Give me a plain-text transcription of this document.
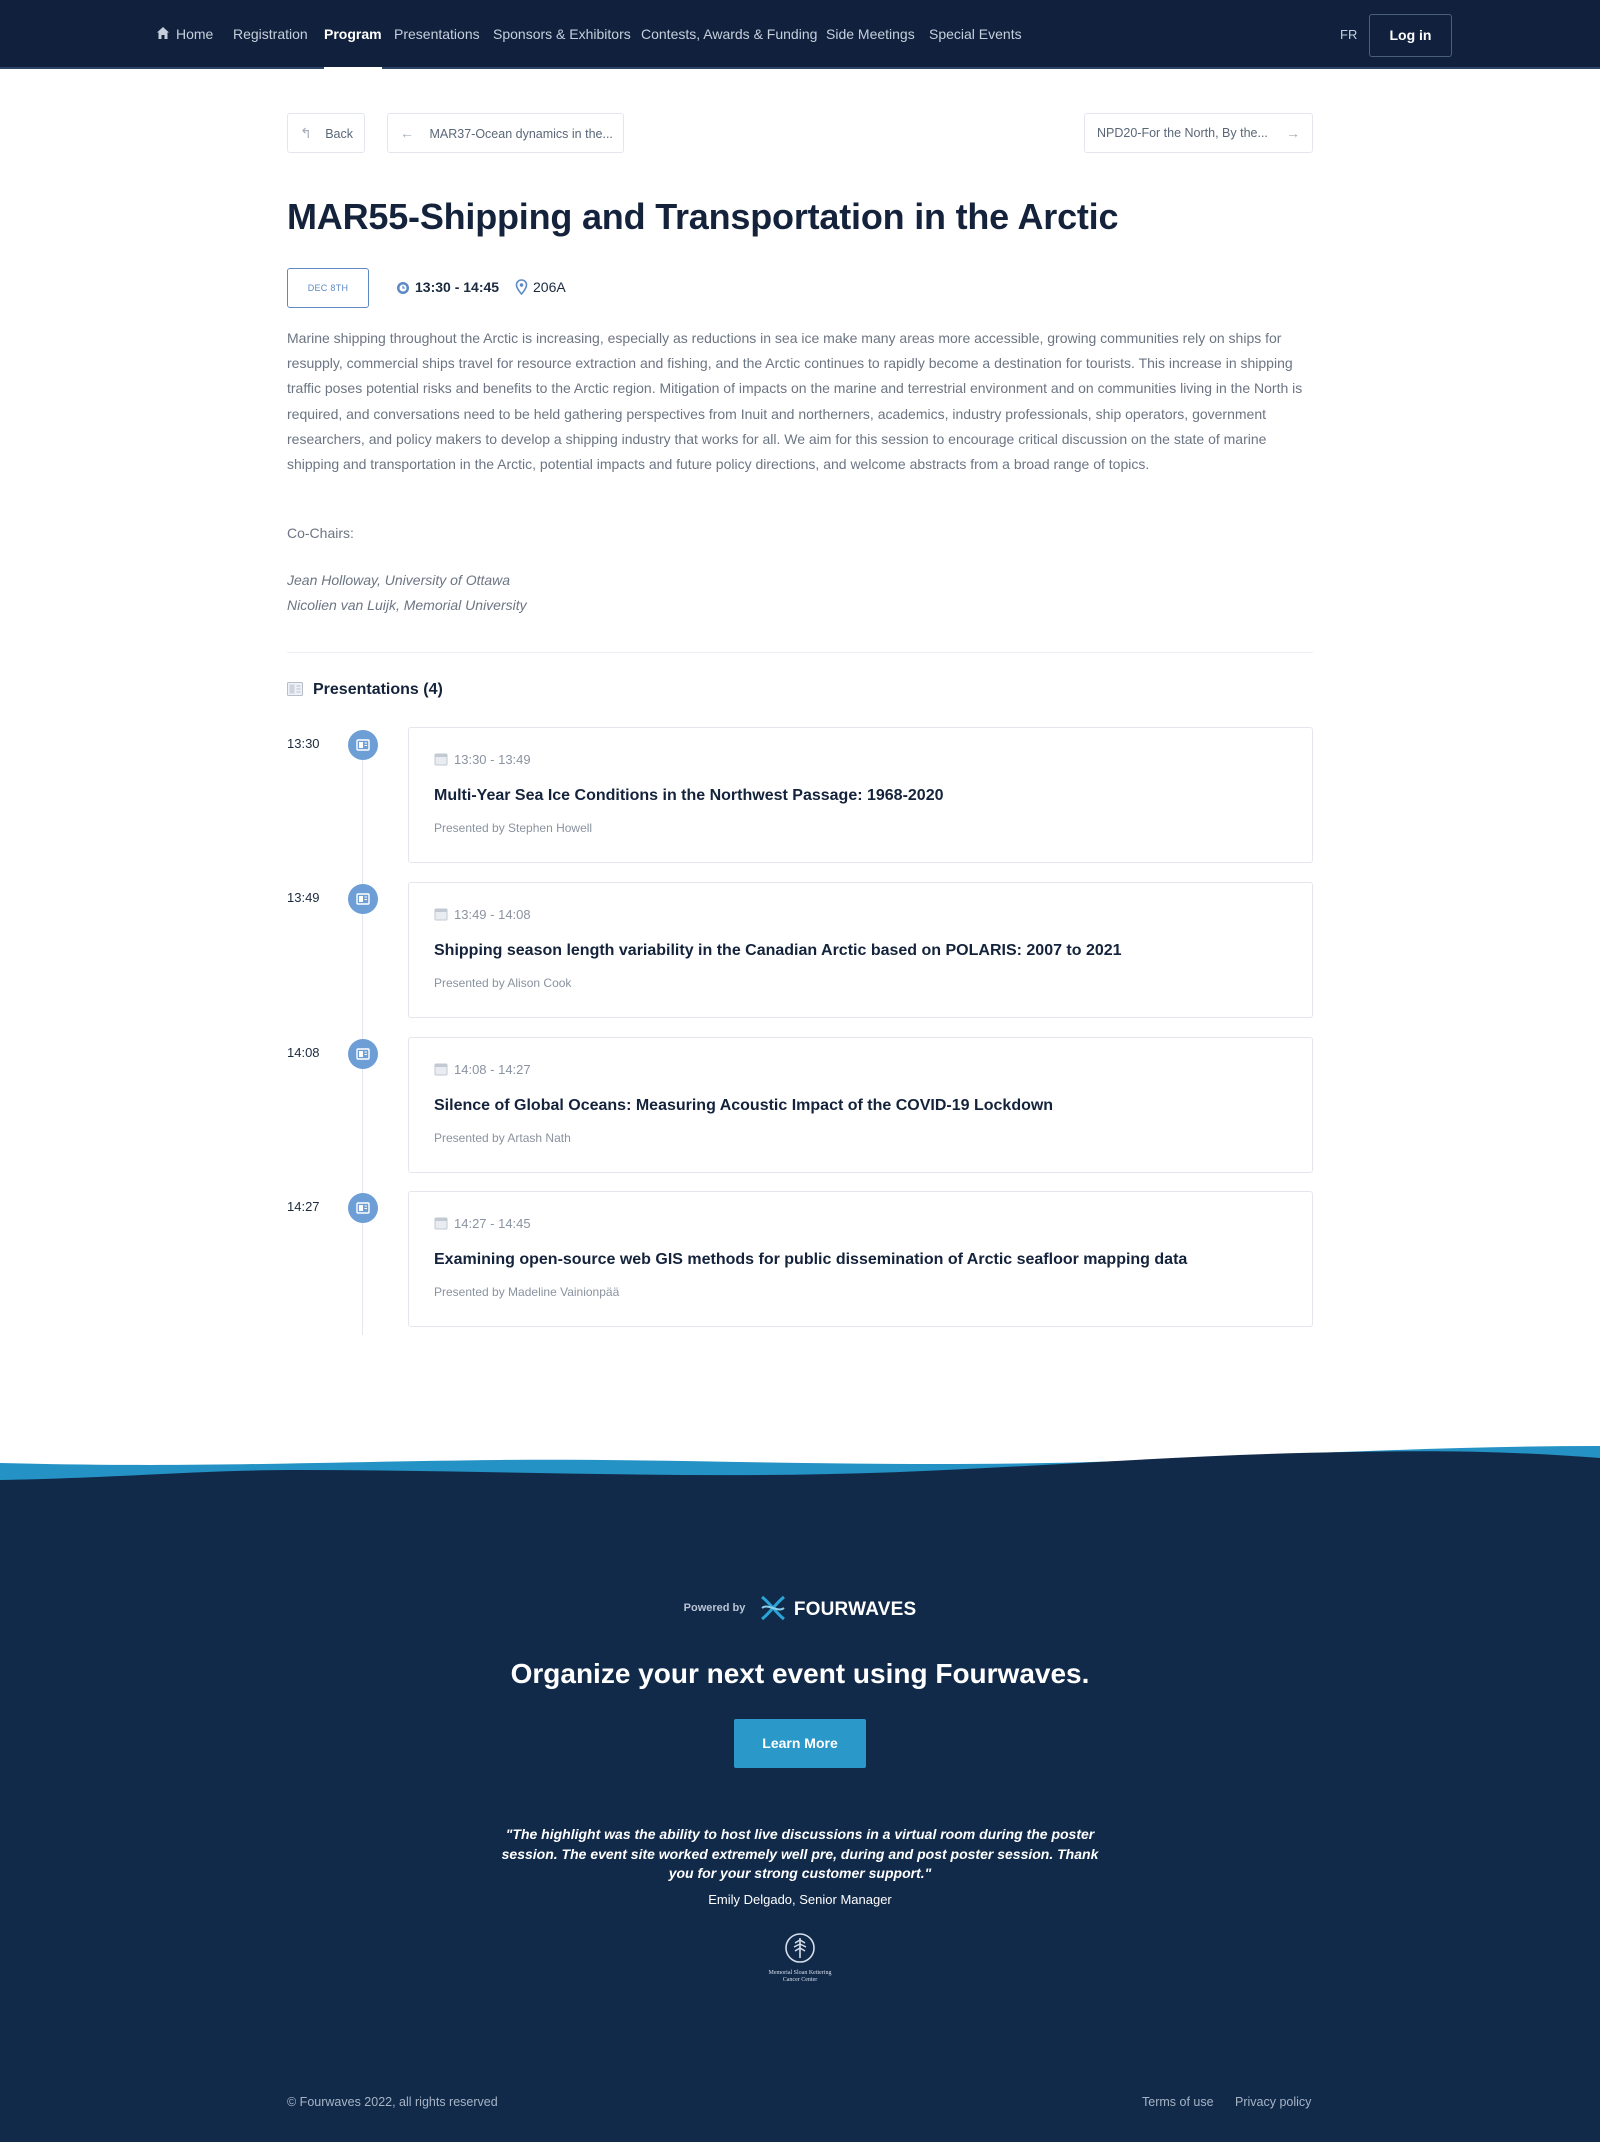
Home Registration Program Presentations Sponsors & Exhibitors Contests, Awards & Funding Side Meetings Special Events	FR	Log in
↰ Back	← MAR37-Ocean dynamics in the...	NPD20-For the North, By the... →
MAR55-Shipping and Transportation in the Arctic
DEC 8TH	13:30 - 14:45	206A

Marine shipping throughout the Arctic is increasing, especially as reductions in sea ice make many areas more accessible, growing communities rely on ships for resupply, commercial ships travel for resource extraction and fishing, and the Arctic continues to rapidly become a destination for tourists. This increase in shipping traffic poses potential risks and benefits to the Arctic region. Mitigation of impacts on the marine and terrestrial environment and on communities living in the North is required, and conversations need to be held gathering perspectives from Inuit and northerners, academics, industry professionals, ship operators, government researchers, and policy makers to develop a shipping industry that works for all. We aim for this session to encourage critical discussion on the state of marine shipping and transportation in the Arctic, potential impacts and future policy directions, and welcome abstracts from a broad range of topics.

Co-Chairs:
Jean Holloway, University of Ottawa
Nicolien van Luijk, Memorial University
Presentations (4)
13:30
13:30 - 13:49
Multi-Year Sea Ice Conditions in the Northwest Passage: 1968-2020
Presented by Stephen Howell
13:49
13:49 - 14:08
Shipping season length variability in the Canadian Arctic based on POLARIS: 2007 to 2021
Presented by Alison Cook
14:08
14:08 - 14:27
Silence of Global Oceans: Measuring Acoustic Impact of the COVID-19 Lockdown
Presented by Artash Nath
14:27
14:27 - 14:45
Examining open-source web GIS methods for public dissemination of Arctic seafloor mapping data
Presented by Madeline Vainionpää
Powered by	FOURWAVES
Organize your next event using Fourwaves.
Learn More
"The highlight was the ability to host live discussions in a virtual room during the poster session. The event site worked extremely well pre, during and post poster session. Thank you for your strong customer support."
Emily Delgado, Senior Manager
Memorial Sloan Kettering Cancer Center
© Fourwaves 2022, all rights reserved	Terms of use Privacy policy
